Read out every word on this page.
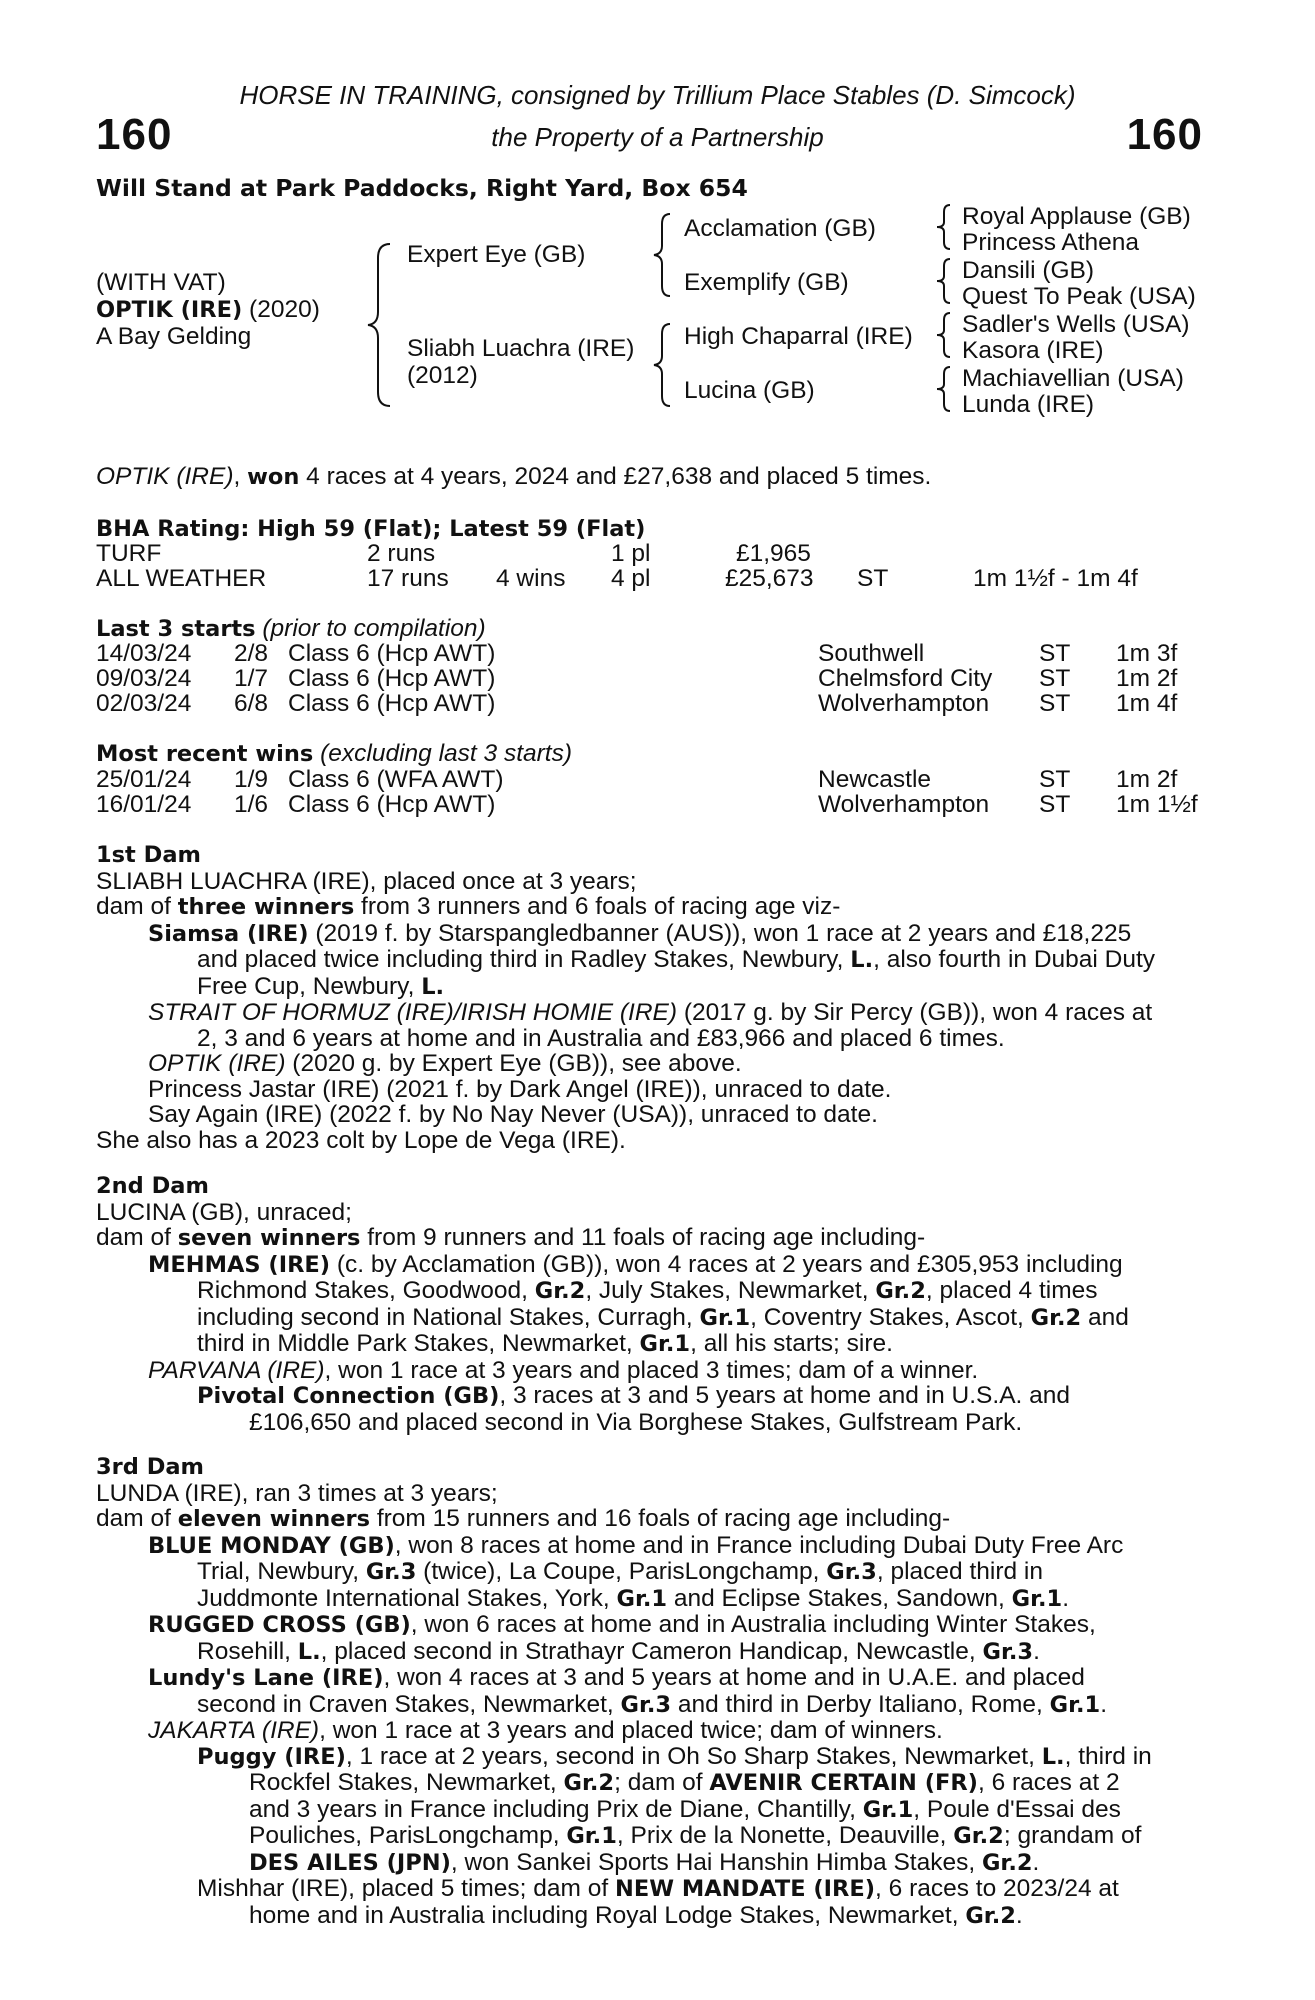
HORSE IN TRAINING, consigned by Trillium Place Stables (D. Simcock)
160	the Property of a Partnership	160
Will Stand at Park Paddocks, Right Yard, Box 654
(WITH VAT)
OPTIK (IRE) (2020)
A Bay Gelding
Expert Eye (GB)
Sliabh Luachra (IRE)
(2012)
Acclamation (GB)
Exemplify (GB)
High Chaparral (IRE)
Lucina (GB)
Royal Applause (GB)
Princess Athena
Dansili (GB)
Quest To Peak (USA)
Sadler's Wells (USA)
Kasora (IRE)
Machiavellian (USA)
Lunda (IRE)
OPTIK (IRE), won 4 races at 4 years, 2024 and £27,638 and placed 5 times.
BHA Rating: High 59 (Flat); Latest 59 (Flat)
TURF	2 runs	1 pl	£1,965
ALL WEATHER	17 runs 4 wins 4 pl	£25,673 ST	1m 1½f - 1m 4f
Last 3 starts (prior to compilation)
14/03/24 2/8 Class 6 (Hcp AWT)	Southwell	ST 1m 3f
09/03/24 1/7 Class 6 (Hcp AWT)	Chelmsford City ST 1m 2f
02/03/24 6/8 Class 6 (Hcp AWT)	Wolverhampton ST 1m 4f
Most recent wins (excluding last 3 starts)
25/01/24 1/9 Class 6 (WFA AWT)	Newcastle	ST 1m 2f
16/01/24 1/6 Class 6 (Hcp AWT)	Wolverhampton ST 1m 1½f
1st Dam
SLIABH LUACHRA (IRE), placed once at 3 years;
dam of three winners from 3 runners and 6 foals of racing age viz-
Siamsa (IRE) (2019 f. by Starspangledbanner (AUS)), won 1 race at 2 years and £18,225
and placed twice including third in Radley Stakes, Newbury, L., also fourth in Dubai Duty
Free Cup, Newbury, L.
STRAIT OF HORMUZ (IRE)/IRISH HOMIE (IRE) (2017 g. by Sir Percy (GB)), won 4 races at
2, 3 and 6 years at home and in Australia and £83,966 and placed 6 times.
OPTIK (IRE) (2020 g. by Expert Eye (GB)), see above.
Princess Jastar (IRE) (2021 f. by Dark Angel (IRE)), unraced to date.
Say Again (IRE) (2022 f. by No Nay Never (USA)), unraced to date.
She also has a 2023 colt by Lope de Vega (IRE).
2nd Dam
LUCINA (GB), unraced;
dam of seven winners from 9 runners and 11 foals of racing age including-
MEHMAS (IRE) (c. by Acclamation (GB)), won 4 races at 2 years and £305,953 including
Richmond Stakes, Goodwood, Gr.2, July Stakes, Newmarket, Gr.2, placed 4 times
including second in National Stakes, Curragh, Gr.1, Coventry Stakes, Ascot, Gr.2 and
third in Middle Park Stakes, Newmarket, Gr.1, all his starts; sire.
PARVANA (IRE), won 1 race at 3 years and placed 3 times; dam of a winner.
Pivotal Connection (GB), 3 races at 3 and 5 years at home and in U.S.A. and
£106,650 and placed second in Via Borghese Stakes, Gulfstream Park.
3rd Dam
LUNDA (IRE), ran 3 times at 3 years;
dam of eleven winners from 15 runners and 16 foals of racing age including-
BLUE MONDAY (GB), won 8 races at home and in France including Dubai Duty Free Arc
Trial, Newbury, Gr.3 (twice), La Coupe, ParisLongchamp, Gr.3, placed third in
Juddmonte International Stakes, York, Gr.1 and Eclipse Stakes, Sandown, Gr.1.
RUGGED CROSS (GB), won 6 races at home and in Australia including Winter Stakes,
Rosehill, L., placed second in Strathayr Cameron Handicap, Newcastle, Gr.3.
Lundy's Lane (IRE), won 4 races at 3 and 5 years at home and in U.A.E. and placed
second in Craven Stakes, Newmarket, Gr.3 and third in Derby Italiano, Rome, Gr.1.
JAKARTA (IRE), won 1 race at 3 years and placed twice; dam of winners.
Puggy (IRE), 1 race at 2 years, second in Oh So Sharp Stakes, Newmarket, L., third in
Rockfel Stakes, Newmarket, Gr.2; dam of AVENIR CERTAIN (FR), 6 races at 2
and 3 years in France including Prix de Diane, Chantilly, Gr.1, Poule d'Essai des
Pouliches, ParisLongchamp, Gr.1, Prix de la Nonette, Deauville, Gr.2; grandam of
DES AILES (JPN), won Sankei Sports Hai Hanshin Himba Stakes, Gr.2.
Mishhar (IRE), placed 5 times; dam of NEW MANDATE (IRE), 6 races to 2023/24 at
home and in Australia including Royal Lodge Stakes, Newmarket, Gr.2.
